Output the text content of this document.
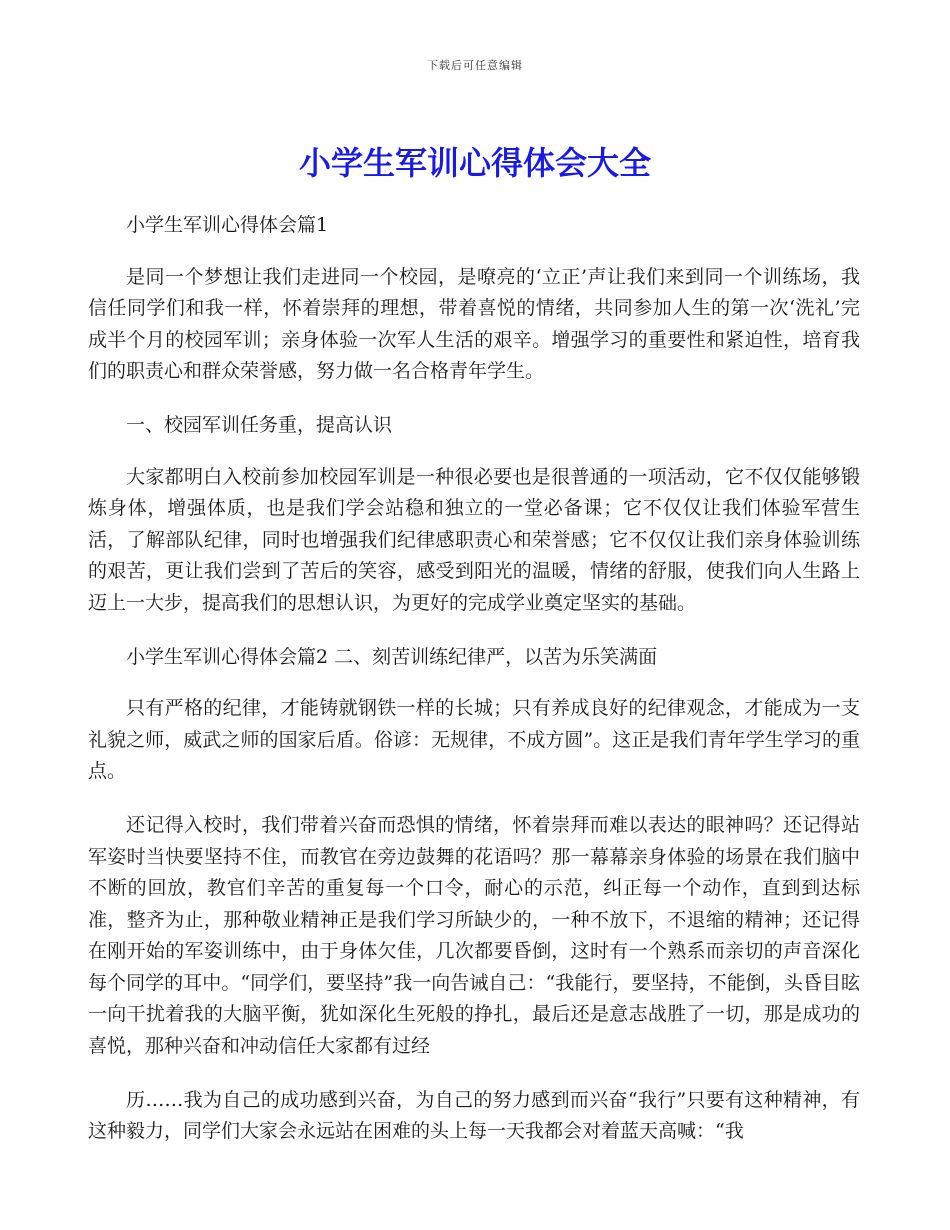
下载后可任意编辑
小学生军训心得体会大全

小学生军训心得体会篇1

是同一个梦想让我们走进同一个校园，是嘹亮的‘立正’声让我们来到同一个训练场，我信任同学们和我一样，怀着崇拜的理想，带着喜悦的情绪，共同参加人生的第一次‘洗礼’完成半个月的校园军训；亲身体验一次军人生活的艰辛。增强学习的重要性和紧迫性，培育我们的职责心和群众荣誉感，努力做一名合格青年学生。

一、校园军训任务重，提高认识

大家都明白入校前参加校园军训是一种很必要也是很普通的一项活动，它不仅仅能够锻炼身体，增强体质，也是我们学会站稳和独立的一堂必备课；它不仅仅让我们体验军营生活，了解部队纪律，同时也增强我们纪律感职责心和荣誉感；它不仅仅让我们亲身体验训练的艰苦，更让我们尝到了苦后的笑容，感受到阳光的温暖，情绪的舒服，使我们向人生路上迈上一大步，提高我们的思想认识，为更好的完成学业奠定坚实的基础。

小学生军训心得体会篇2 二、刻苦训练纪律严，以苦为乐笑满面

只有严格的纪律，才能铸就钢铁一样的长城；只有养成良好的纪律观念，才能成为一支礼貌之师，威武之师的国家后盾。俗谚：无规律，不成方圆”。这正是我们青年学生学习的重点。

还记得入校时，我们带着兴奋而恐惧的情绪，怀着崇拜而难以表达的眼神吗？还记得站军姿时当快要坚持不住，而教官在旁边鼓舞的花语吗？那一幕幕亲身体验的场景在我们脑中不断的回放，教官们辛苦的重复每一个口令，耐心的示范，纠正每一个动作，直到到达标准，整齐为止，那种敬业精神正是我们学习所缺少的，一种不放下，不退缩的精神；还记得在刚开始的军姿训练中，由于身体欠佳，几次都要昏倒，这时有一个熟系而亲切的声音深化每个同学的耳中。“同学们，要坚持”我一向告诫自己：“我能行，要坚持，不能倒，头昏目眩一向干扰着我的大脑平衡，犹如深化生死般的挣扎，最后还是意志战胜了一切，那是成功的喜悦，那种兴奋和冲动信任大家都有过经

历……我为自己的成功感到兴奋，为自己的努力感到而兴奋“我行”只要有这种精神，有这种毅力，同学们大家会永远站在困难的头上每一天我都会对着蓝天高喊：“我
